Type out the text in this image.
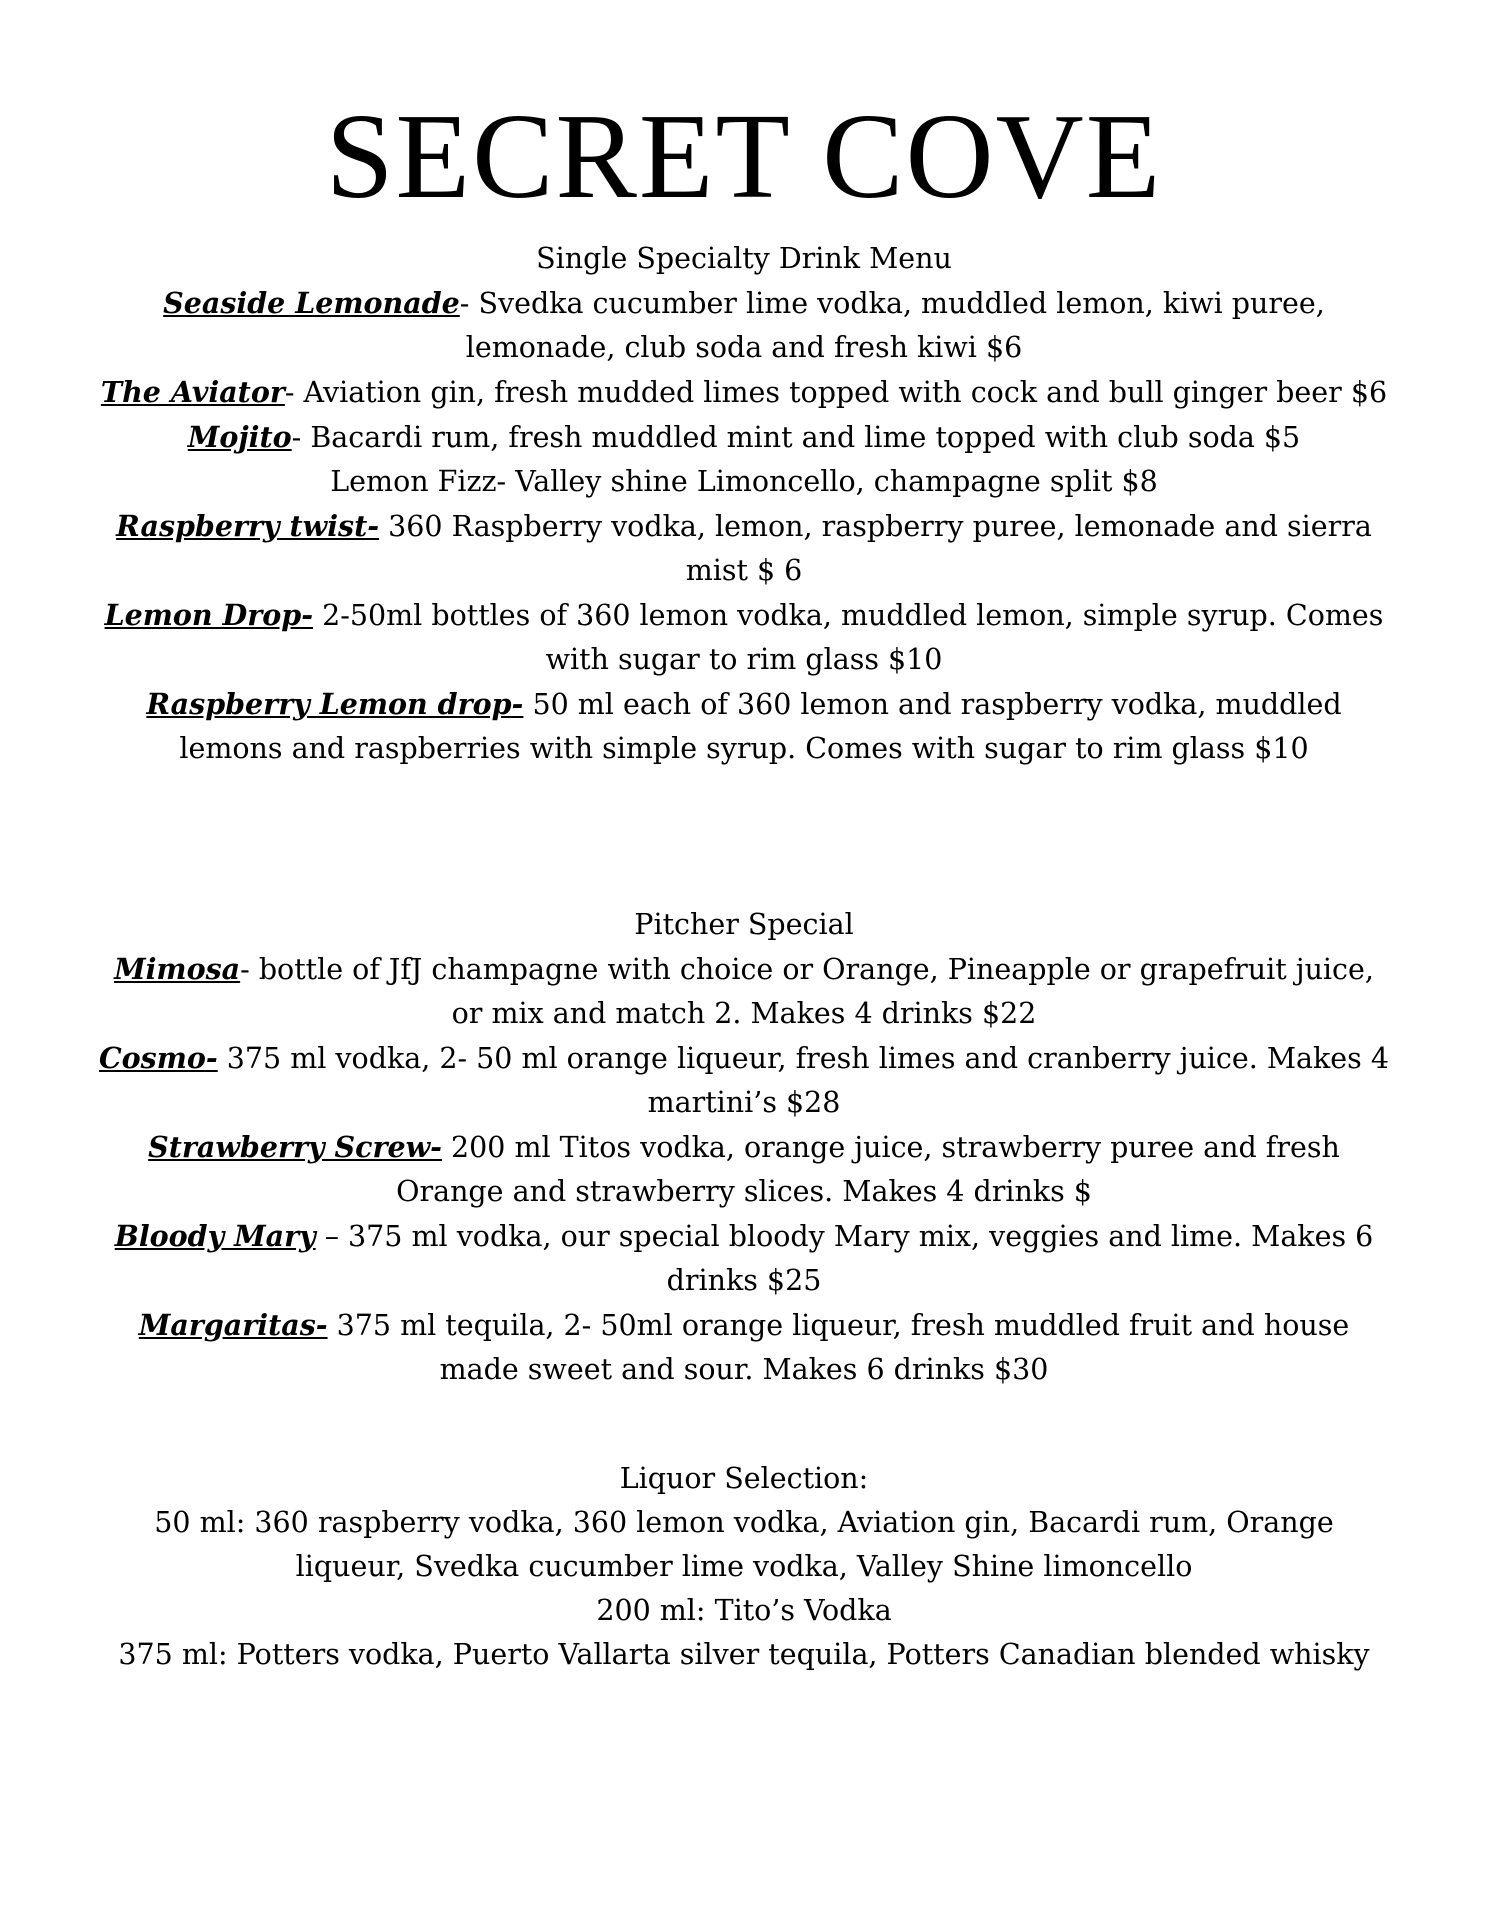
SECRET COVE

Single Specialty Drink Menu

Seaside Lemonade- Svedka cucumber lime vodka, muddled lemon, kiwi puree, lemonade, club soda and fresh kiwi $6

The Aviator- Aviation gin, fresh mudded limes topped with cock and bull ginger beer $6

Mojito- Bacardi rum, fresh muddled mint and lime topped with club soda $5

Lemon Fizz- Valley shine Limoncello, champagne split $8

Raspberry twist- 360 Raspberry vodka, lemon, raspberry puree, lemonade and sierra mist $ 6

Lemon Drop- 2-50ml bottles of 360 lemon vodka, muddled lemon, simple syrup. Comes with sugar to rim glass $10

Raspberry Lemon drop- 50 ml each of 360 lemon and raspberry vodka, muddled lemons and raspberries with simple syrup. Comes with sugar to rim glass $10

Pitcher Special

Mimosa- bottle of JfJ champagne with choice or Orange, Pineapple or grapefruit juice, or mix and match 2. Makes 4 drinks $22

Cosmo- 375 ml vodka, 2- 50 ml orange liqueur, fresh limes and cranberry juice. Makes 4 martini’s $28

Strawberry Screw- 200 ml Titos vodka, orange juice, strawberry puree and fresh Orange and strawberry slices. Makes 4 drinks $

Bloody Mary – 375 ml vodka, our special bloody Mary mix, veggies and lime. Makes 6 drinks $25

Margaritas- 375 ml tequila, 2- 50ml orange liqueur, fresh muddled fruit and house made sweet and sour. Makes 6 drinks $30

Liquor Selection:

50 ml: 360 raspberry vodka, 360 lemon vodka, Aviation gin, Bacardi rum, Orange liqueur, Svedka cucumber lime vodka, Valley Shine limoncello

200 ml: Tito’s Vodka

375 ml: Potters vodka, Puerto Vallarta silver tequila, Potters Canadian blended whisky
